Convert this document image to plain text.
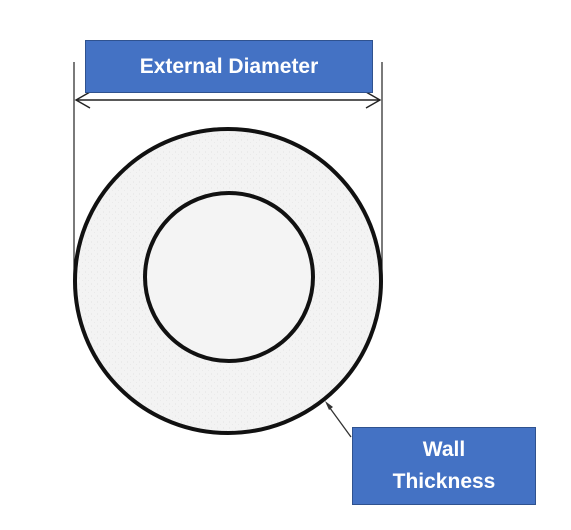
External Diameter
Wall
Thickness
